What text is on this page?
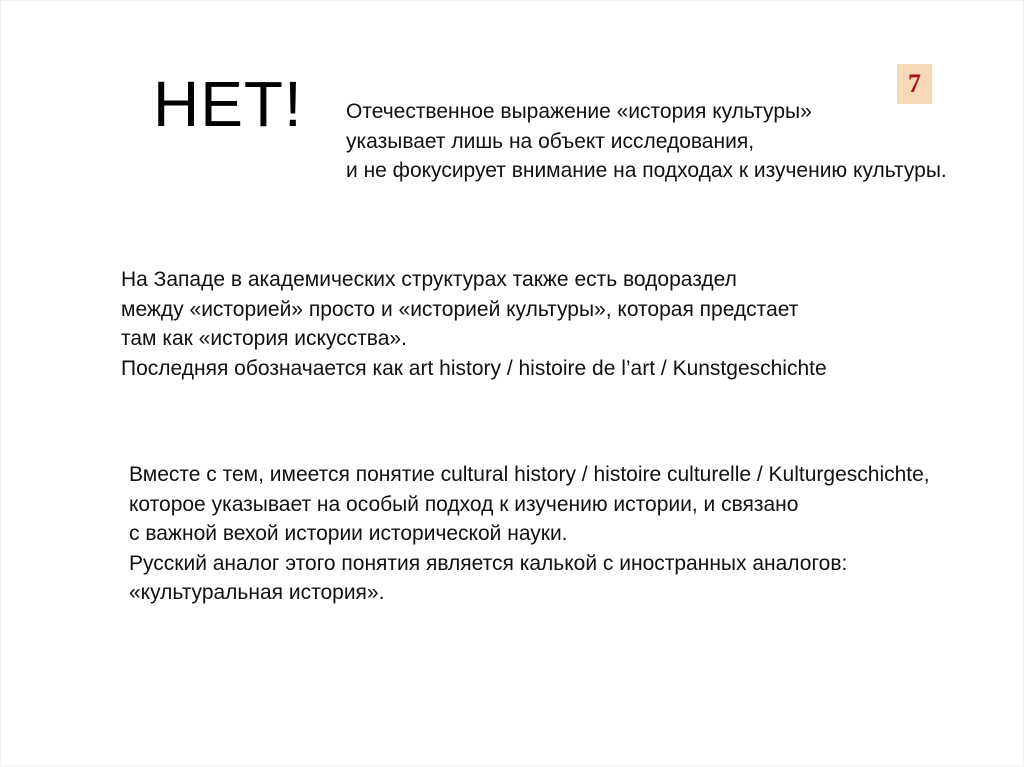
НЕТ!	7
Отечественное выражение «история культуры»
указывает лишь на объект исследования,
и не фокусирует внимание на подходах к изучению культуры.
На Западе в академических структурах также есть водораздел
между «историей» просто и «историей культуры», которая предстает
там как «история искусства».
Последняя обозначается как art history / histoire de l’art / Kunstgeschichte
Вместе с тем, имеется понятие cultural history / histoire culturelle / Kulturgeschichte,
которое указывает на особый подход к изучению истории, и связано
с важной вехой истории исторической науки.
Русский аналог этого понятия является калькой с иностранных аналогов:
«культуральная история».
